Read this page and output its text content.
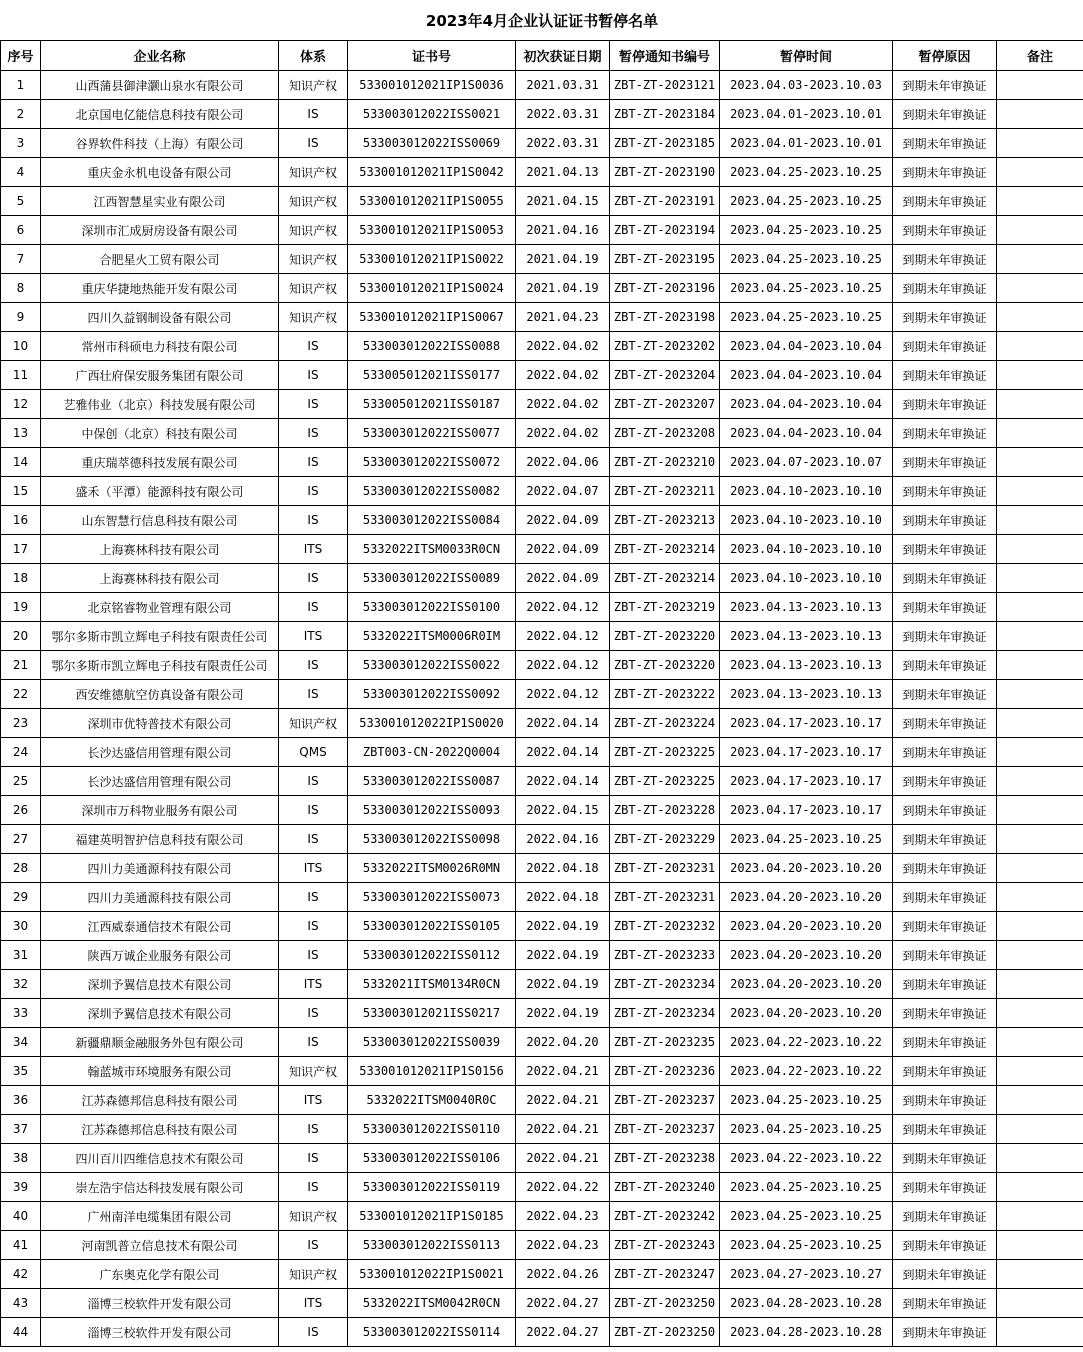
2023年4月企业认证证书暂停名单								
序号	企业名称	体系	证书号	初次获证日期	暂停通知书编号	暂停时间	暂停原因	备注
1	山西蒲县御津灏山泉水有限公司	知识产权	533001012021IP1S0036	2021.03.31	ZBT-ZT-2023121	2023.04.03-2023.10.03	到期未年审换证	
2	北京国电亿能信息科技有限公司	IS	533003012022ISS0021	2022.03.31	ZBT-ZT-2023184	2023.04.01-2023.10.01	到期未年审换证	
3	谷界软件科技（上海）有限公司	IS	533003012022ISS0069	2022.03.31	ZBT-ZT-2023185	2023.04.01-2023.10.01	到期未年审换证	
4	重庆金永机电设备有限公司	知识产权	533001012021IP1S0042	2021.04.13	ZBT-ZT-2023190	2023.04.25-2023.10.25	到期未年审换证	
5	江西智慧星实业有限公司	知识产权	533001012021IP1S0055	2021.04.15	ZBT-ZT-2023191	2023.04.25-2023.10.25	到期未年审换证	
6	深圳市汇成厨房设备有限公司	知识产权	533001012021IP1S0053	2021.04.16	ZBT-ZT-2023194	2023.04.25-2023.10.25	到期未年审换证	
7	合肥星火工贸有限公司	知识产权	533001012021IP1S0022	2021.04.19	ZBT-ZT-2023195	2023.04.25-2023.10.25	到期未年审换证	
8	重庆华捷地热能开发有限公司	知识产权	533001012021IP1S0024	2021.04.19	ZBT-ZT-2023196	2023.04.25-2023.10.25	到期未年审换证	
9	四川久益钢制设备有限公司	知识产权	533001012021IP1S0067	2021.04.23	ZBT-ZT-2023198	2023.04.25-2023.10.25	到期未年审换证	
10	常州市科硕电力科技有限公司	IS	533003012022ISS0088	2022.04.02	ZBT-ZT-2023202	2023.04.04-2023.10.04	到期未年审换证	
11	广西壮府保安服务集团有限公司	IS	533005012021ISS0177	2022.04.02	ZBT-ZT-2023204	2023.04.04-2023.10.04	到期未年审换证	
12	艺雅伟业（北京）科技发展有限公司	IS	533005012021ISS0187	2022.04.02	ZBT-ZT-2023207	2023.04.04-2023.10.04	到期未年审换证	
13	中保创（北京）科技有限公司	IS	533003012022ISS0077	2022.04.02	ZBT-ZT-2023208	2023.04.04-2023.10.04	到期未年审换证	
14	重庆瑞萃德科技发展有限公司	IS	533003012022ISS0072	2022.04.06	ZBT-ZT-2023210	2023.04.07-2023.10.07	到期未年审换证	
15	盛禾（平潭）能源科技有限公司	IS	533003012022ISS0082	2022.04.07	ZBT-ZT-2023211	2023.04.10-2023.10.10	到期未年审换证	
16	山东智慧行信息科技有限公司	IS	533003012022ISS0084	2022.04.09	ZBT-ZT-2023213	2023.04.10-2023.10.10	到期未年审换证	
17	上海赛林科技有限公司	ITS	5332022ITSM0033R0CN	2022.04.09	ZBT-ZT-2023214	2023.04.10-2023.10.10	到期未年审换证	
18	上海赛林科技有限公司	IS	533003012022ISS0089	2022.04.09	ZBT-ZT-2023214	2023.04.10-2023.10.10	到期未年审换证	
19	北京铭睿物业管理有限公司	IS	533003012022ISS0100	2022.04.12	ZBT-ZT-2023219	2023.04.13-2023.10.13	到期未年审换证	
20	鄂尔多斯市凯立辉电子科技有限责任公司	ITS	5332022ITSM0006R0IM	2022.04.12	ZBT-ZT-2023220	2023.04.13-2023.10.13	到期未年审换证	
21	鄂尔多斯市凯立辉电子科技有限责任公司	IS	533003012022ISS0022	2022.04.12	ZBT-ZT-2023220	2023.04.13-2023.10.13	到期未年审换证	
22	西安维德航空仿真设备有限公司	IS	533003012022ISS0092	2022.04.12	ZBT-ZT-2023222	2023.04.13-2023.10.13	到期未年审换证	
23	深圳市优特普技术有限公司	知识产权	533001012022IP1S0020	2022.04.14	ZBT-ZT-2023224	2023.04.17-2023.10.17	到期未年审换证	
24	长沙达盛信用管理有限公司	QMS	ZBT003-CN-2022Q0004	2022.04.14	ZBT-ZT-2023225	2023.04.17-2023.10.17	到期未年审换证	
25	长沙达盛信用管理有限公司	IS	533003012022ISS0087	2022.04.14	ZBT-ZT-2023225	2023.04.17-2023.10.17	到期未年审换证	
26	深圳市万科物业服务有限公司	IS	533003012022ISS0093	2022.04.15	ZBT-ZT-2023228	2023.04.17-2023.10.17	到期未年审换证	
27	福建英明智护信息科技有限公司	IS	533003012022ISS0098	2022.04.16	ZBT-ZT-2023229	2023.04.25-2023.10.25	到期未年审换证	
28	四川力美通源科技有限公司	ITS	5332022ITSM0026R0MN	2022.04.18	ZBT-ZT-2023231	2023.04.20-2023.10.20	到期未年审换证	
29	四川力美通源科技有限公司	IS	533003012022ISS0073	2022.04.18	ZBT-ZT-2023231	2023.04.20-2023.10.20	到期未年审换证	
30	江西威泰通信技术有限公司	IS	533003012022ISS0105	2022.04.19	ZBT-ZT-2023232	2023.04.20-2023.10.20	到期未年审换证	
31	陕西万诚企业服务有限公司	IS	533003012022ISS0112	2022.04.19	ZBT-ZT-2023233	2023.04.20-2023.10.20	到期未年审换证	
32	深圳予翼信息技术有限公司	ITS	5332021ITSM0134R0CN	2022.04.19	ZBT-ZT-2023234	2023.04.20-2023.10.20	到期未年审换证	
33	深圳予翼信息技术有限公司	IS	533003012021ISS0217	2022.04.19	ZBT-ZT-2023234	2023.04.20-2023.10.20	到期未年审换证	
34	新疆鼎顺金融服务外包有限公司	IS	533003012022ISS0039	2022.04.20	ZBT-ZT-2023235	2023.04.22-2023.10.22	到期未年审换证	
35	翰蓝城市环境服务有限公司	知识产权	533001012021IP1S0156	2022.04.21	ZBT-ZT-2023236	2023.04.22-2023.10.22	到期未年审换证	
36	江苏森德邦信息科技有限公司	ITS	5332022ITSM0040R0C	2022.04.21	ZBT-ZT-2023237	2023.04.25-2023.10.25	到期未年审换证	
37	江苏森德邦信息科技有限公司	IS	533003012022ISS0110	2022.04.21	ZBT-ZT-2023237	2023.04.25-2023.10.25	到期未年审换证	
38	四川百川四维信息技术有限公司	IS	533003012022ISS0106	2022.04.21	ZBT-ZT-2023238	2023.04.22-2023.10.22	到期未年审换证	
39	崇左浩宇信达科技发展有限公司	IS	533003012022ISS0119	2022.04.22	ZBT-ZT-2023240	2023.04.25-2023.10.25	到期未年审换证	
40	广州南洋电缆集团有限公司	知识产权	533001012021IP1S0185	2022.04.23	ZBT-ZT-2023242	2023.04.25-2023.10.25	到期未年审换证	
41	河南凯普立信息技术有限公司	IS	533003012022ISS0113	2022.04.23	ZBT-ZT-2023243	2023.04.25-2023.10.25	到期未年审换证	
42	广东奥克化学有限公司	知识产权	533001012022IP1S0021	2022.04.26	ZBT-ZT-2023247	2023.04.27-2023.10.27	到期未年审换证	
43	淄博三校软件开发有限公司	ITS	5332022ITSM0042R0CN	2022.04.27	ZBT-ZT-2023250	2023.04.28-2023.10.28	到期未年审换证	
44	淄博三校软件开发有限公司	IS	533003012022ISS0114	2022.04.27	ZBT-ZT-2023250	2023.04.28-2023.10.28	到期未年审换证	
